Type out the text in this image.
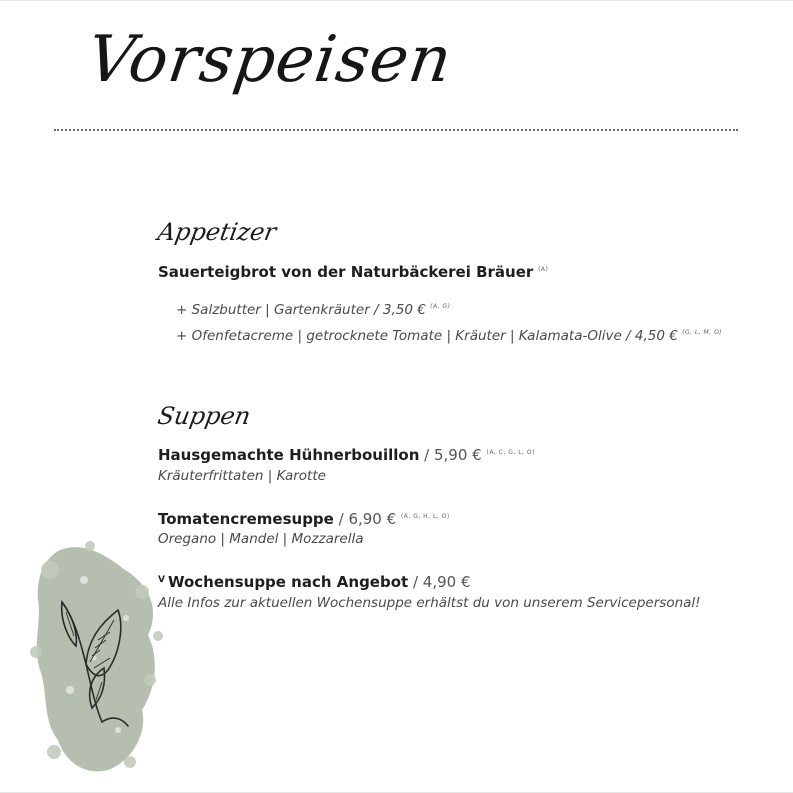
Vorspeisen
Appetizer
Sauerteigbrot von der Naturbäckerei Bräuer $^{(A)}$
+ Salzbutter | Gartenkräuter / 3,50 € $^{(A, G)}$
+ Ofenfetacreme | getrocknete Tomate | Kräuter | Kalamata-Olive / 4,50 € $^{(G, L, M, O)}$
Suppen
Hausgemachte Hühnerbouillon / 5,90 € $^{(A, C, G, L, O)}$
Kräuterfrittaten | Karotte
Tomatencremesuppe / 6,90 € $^{(A, G, H, L, O)}$
Oregano | Mandel | Mozzarella
$^V$ Wochensuppe nach Angebot / 4,90 €
Alle Infos zur aktuellen Wochensuppe erhältst du von unserem Servicepersonal!
